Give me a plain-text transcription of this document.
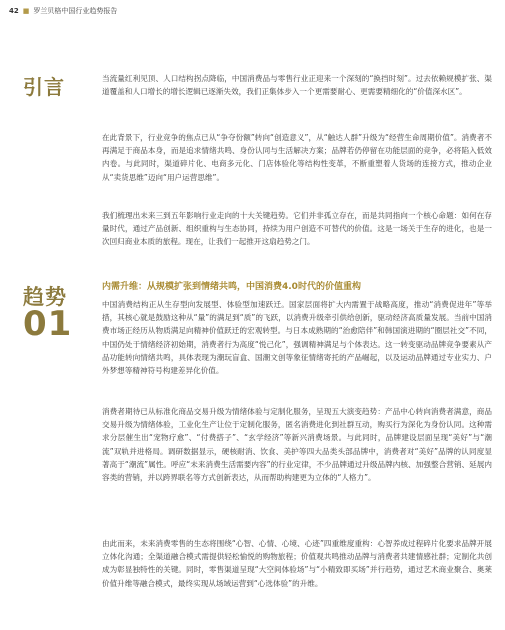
42 ■ 罗兰贝格中国行业趋势报告
引言	当流量红利见顶、人口结构拐点降临，中国消费品与零售行业正迎来一个深刻的“换挡时刻”。过去依赖规模扩张、渠道覆盖和人口增长的增长逻辑已逐渐失效，我们正集体步入一个更需要耐心、更需要精细化的“价值深水区”。

在此背景下，行业竞争的焦点已从“争夺份额”转向“创造意义”，从“触达人群”升级为“经营生命周期价值”。消费者不再满足于商品本身，而是追求情绪共鸣、身份认同与生活解决方案；品牌若仍停留在功能层面的竞争，必将陷入低效内卷。与此同时，渠道碎片化、电商多元化、门店体验化等结构性变革，不断重塑着人货场的连接方式，推动企业从“卖货思维”迈向“用户运营思维”。

我们梳理出未来三到五年影响行业走向的十大关键趋势。它们并非孤立存在，而是共同指向一个核心命题：如何在存量时代，通过产品创新、组织重构与生态协同，持续为用户创造不可替代的价值。这是一场关于生存的进化，也是一次回归商业本质的旅程。现在，让我们一起推开这扇趋势之门。

趋势
01
内需升维：从规模扩张到情绪共鸣，中国消费4.0时代的价值重构

中国消费结构正从生存型向发展型、体验型加速跃迁。国家层面将扩大内需置于战略高度，推动“消费促进年”等举措，其核心就是鼓励这种从“量”的满足到“质”的飞跃，以消费升级牵引供给创新，驱动经济高质量发展。当前中国消费市场正经历从物质满足向精神价值跃迁的宏观转型。与日本成熟期的“治愈陪伴”和韩国演进期的“圈层社交”不同，中国仍处于情绪经济初始期，消费者行为高度“悦己化”，强调精神满足与个体表达。这一转变驱动品牌竞争要素从产品功能转向情绪共鸣，具体表现为潮玩盲盒、国潮文创等象征情绪寄托的产品崛起，以及运动品牌通过专业实力、户外梦想等精神符号构建差异化价值。

消费者期待已从标准化商品交易升级为情绪体验与定制化服务，呈现五大演变趋势：产品中心转向消费者满意，商品交易升级为情绪体验，工业化生产让位于定制化服务，匿名消费进化到社群互动，购买行为深化为身份认同。这种需求分层催生出“宠物疗愈”、“付费搭子”、“玄学经济”等新兴消费场景。与此同时，品牌建设层面呈现“美好”与“潮流”双轨并进格局。调研数据显示，硬核耐消、饮食、美护等四大品类头部品牌中，消费者对“美好”品牌的认同度显著高于“潮流”属性。呼应“未来消费生活需要内容”的行业定律，不少品牌通过升级品牌内核、加强整合营销、延展内容类的营销，并以跨界联名等方式创新表达，从而帮助构建更为立体的“人格力”。

由此而来，未来消费零售的生态将围绕“心智、心情、心境、心迹”四重维度重构：心智养成过程碎片化要求品牌开展立体化沟通；全渠道融合模式需提供轻松愉悦的购物旅程；价值观共鸣推动品牌与消费者共建情感社群；定制化共创成为彰显独特性的关键。同时，零售渠道呈现“大空间体验场”与“小精致即买场”并行趋势，通过艺术商业聚合、奥莱价值升维等融合模式，最终实现从场域运营到“心选体验”的升维。
